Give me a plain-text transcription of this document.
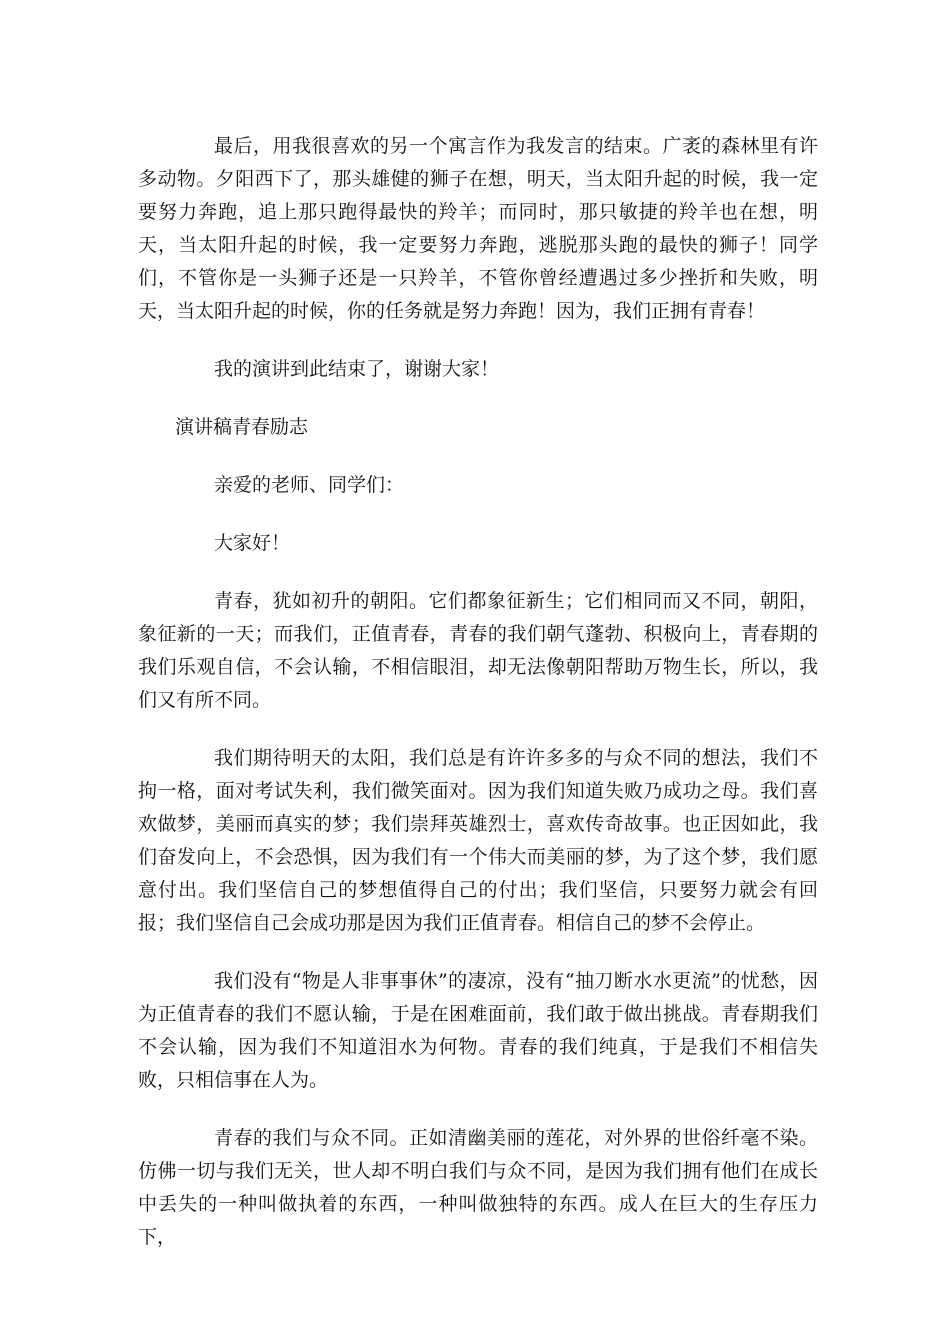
最后，用我很喜欢的另一个寓言作为我发言的结束。广袤的森林里有许多动物。夕阳西下了，那头雄健的狮子在想，明天，当太阳升起的时候，我一定要努力奔跑，追上那只跑得最快的羚羊；而同时，那只敏捷的羚羊也在想，明天，当太阳升起的时候，我一定要努力奔跑，逃脱那头跑的最快的狮子！同学们，不管你是一头狮子还是一只羚羊，不管你曾经遭遇过多少挫折和失败，明天，当太阳升起的时候，你的任务就是努力奔跑！因为，我们正拥有青春！

我的演讲到此结束了，谢谢大家！

演讲稿青春励志

亲爱的老师、同学们：

大家好！

青春，犹如初升的朝阳。它们都象征新生；它们相同而又不同，朝阳，象征新的一天；而我们，正值青春，青春的我们朝气蓬勃、积极向上，青春期的我们乐观自信，不会认输，不相信眼泪，却无法像朝阳帮助万物生长，所以，我们又有所不同。

我们期待明天的太阳，我们总是有许许多多的与众不同的想法，我们不拘一格，面对考试失利，我们微笑面对。因为我们知道失败乃成功之母。我们喜欢做梦，美丽而真实的梦；我们崇拜英雄烈士，喜欢传奇故事。也正因如此，我们奋发向上，不会恐惧，因为我们有一个伟大而美丽的梦，为了这个梦，我们愿意付出。我们坚信自己的梦想值得自己的付出；我们坚信，只要努力就会有回报；我们坚信自己会成功那是因为我们正值青春。相信自己的梦不会停止。

我们没有“物是人非事事休”的凄凉，没有“抽刀断水水更流”的忧愁，因为正值青春的我们不愿认输，于是在困难面前，我们敢于做出挑战。青春期我们不会认输，因为我们不知道泪水为何物。青春的我们纯真，于是我们不相信失败，只相信事在人为。

青春的我们与众不同。正如清幽美丽的莲花，对外界的世俗纤毫不染。仿佛一切与我们无关，世人却不明白我们与众不同，是因为我们拥有他们在成长中丢失的一种叫做执着的东西，一种叫做独特的东西。成人在巨大的生存压力下，
